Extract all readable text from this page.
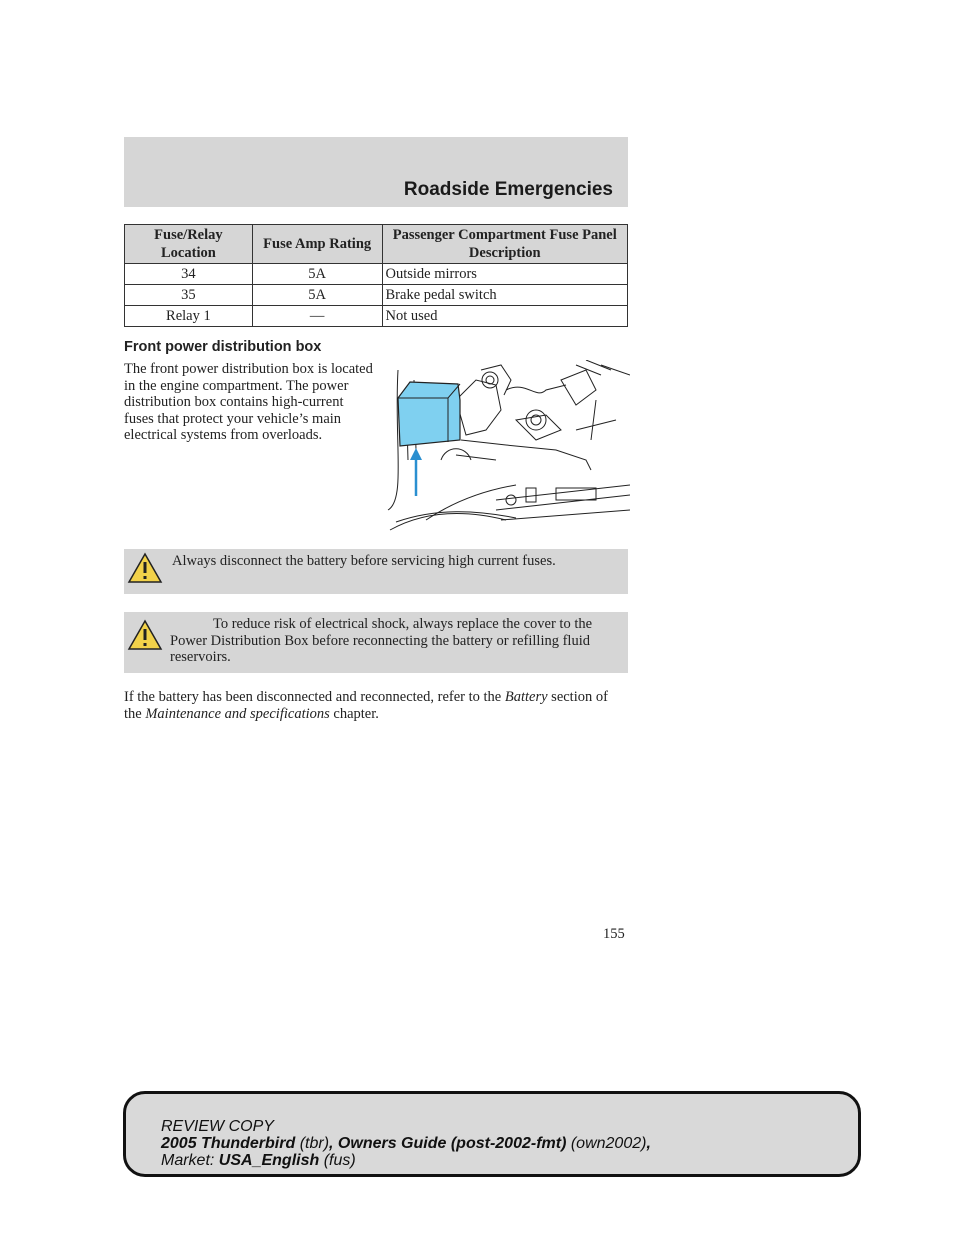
Roadside Emergencies
Fuse/Relay Location	Fuse Amp Rating	Passenger Compartment Fuse Panel Description
34	5A	Outside mirrors
35	5A	Brake pedal switch
Relay 1	—	Not used
Front power distribution box
The front power distribution box is located in the engine compartment. The power distribution box contains high-current fuses that protect your vehicle’s main electrical systems from overloads.
Always disconnect the battery before servicing high current fuses.
To reduce risk of electrical shock, always replace the cover to the Power Distribution Box before reconnecting the battery or refilling fluid reservoirs.
If the battery has been disconnected and reconnected, refer to the Battery section of the Maintenance and specifications chapter.
155
REVIEW COPY
2005 Thunderbird (tbr), Owners Guide (post-2002-fmt) (own2002),
Market: USA_English (fus)
